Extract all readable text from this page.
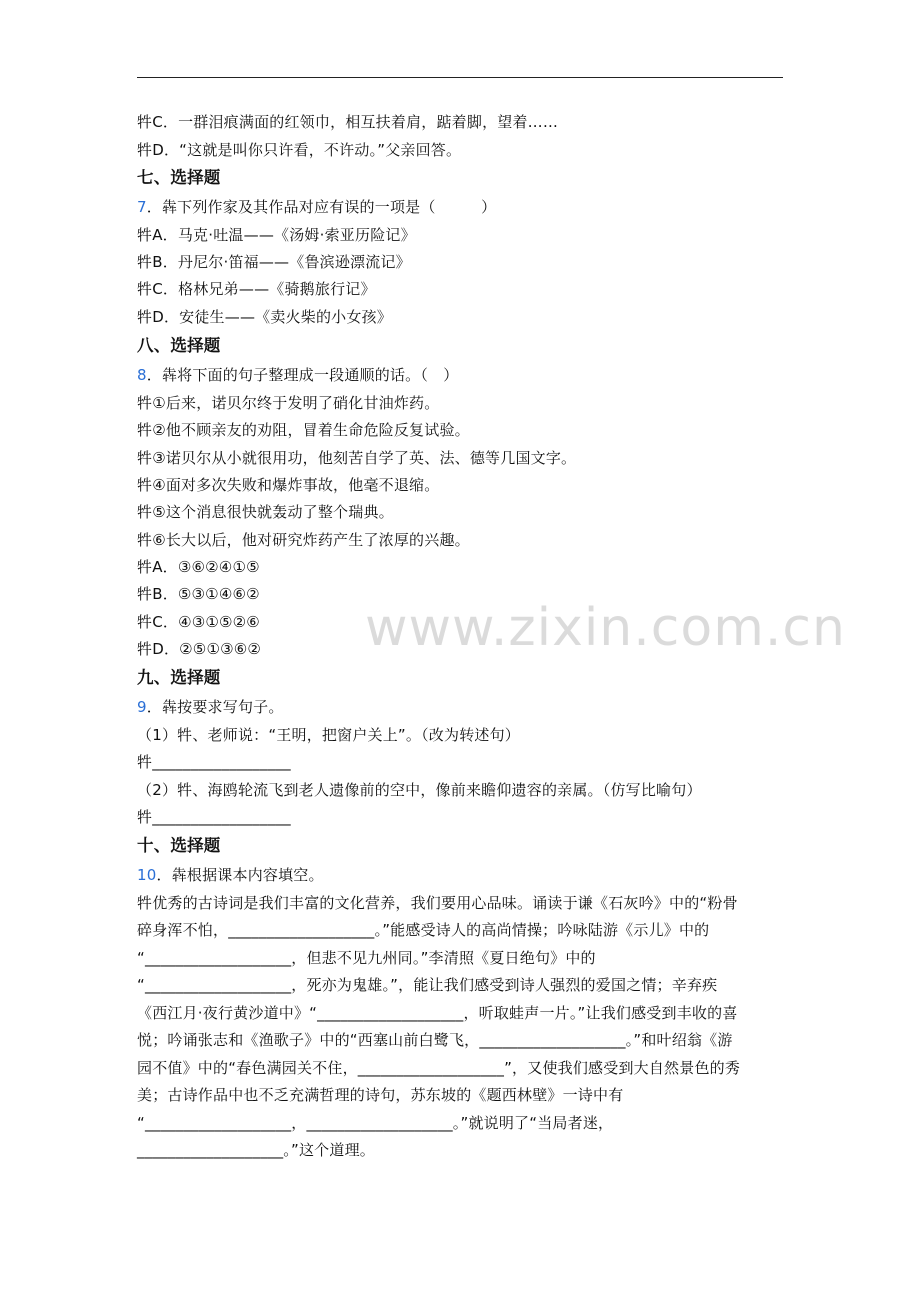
www.zixin.com.cn
牪C．一群泪痕满面的红领巾，相互扶着肩，踮着脚，望着……
牪D．“这就是叫你只许看，不许动。”父亲回答。
七、选择题
7．犇下列作家及其作品对应有误的一项是（　　　）
牪A．马克·吐温——《汤姆·索亚历险记》
牪B．丹尼尔·笛福——《鲁滨逊漂流记》
牪C．格林兄弟——《骑鹅旅行记》
牪D．安徒生——《卖火柴的小女孩》
八、选择题
8．犇将下面的句子整理成一段通顺的话。（　）
牪①后来，诺贝尔终于发明了硝化甘油炸药。
牪②他不顾亲友的劝阻，冒着生命危险反复试验。
牪③诺贝尔从小就很用功，他刻苦自学了英、法、德等几国文字。
牪④面对多次失败和爆炸事故，他毫不退缩。
牪⑤这个消息很快就轰动了整个瑞典。
牪⑥长大以后，他对研究炸药产生了浓厚的兴趣。
牪A．③⑥②④①⑤
牪B．⑤③①④⑥②
牪C．④③①⑤②⑥
牪D．②⑤①③⑥②
九、选择题
9．犇按要求写句子。
（1）牪、老师说：“王明，把窗户关上”。（改为转述句）
牪__________________
（2）牪、海鸥轮流飞到老人遗像前的空中，像前来瞻仰遗容的亲属。（仿写比喻句）
牪__________________
十、选择题
10．犇根据课本内容填空。
牪优秀的古诗词是我们丰富的文化营养，我们要用心品味。诵读于谦《石灰吟》中的“粉骨
碎身浑不怕，___________________。”能感受诗人的高尚情操；吟咏陆游《示儿》中的
“___________________，但悲不见九州同。”李清照《夏日绝句》中的
“___________________，死亦为鬼雄。”，能让我们感受到诗人强烈的爱国之情；辛弃疾
《西江月·夜行黄沙道中》“___________________，听取蛙声一片。”让我们感受到丰收的喜
悦；吟诵张志和《渔歌子》中的“西塞山前白鹭飞，___________________。”和叶绍翁《游
园不值》中的“春色满园关不住，___________________”，又使我们感受到大自然景色的秀
美；古诗作品中也不乏充满哲理的诗句，苏东坡的《题西林壁》一诗中有
“___________________，___________________。”就说明了“当局者迷，
___________________。”这个道理。
